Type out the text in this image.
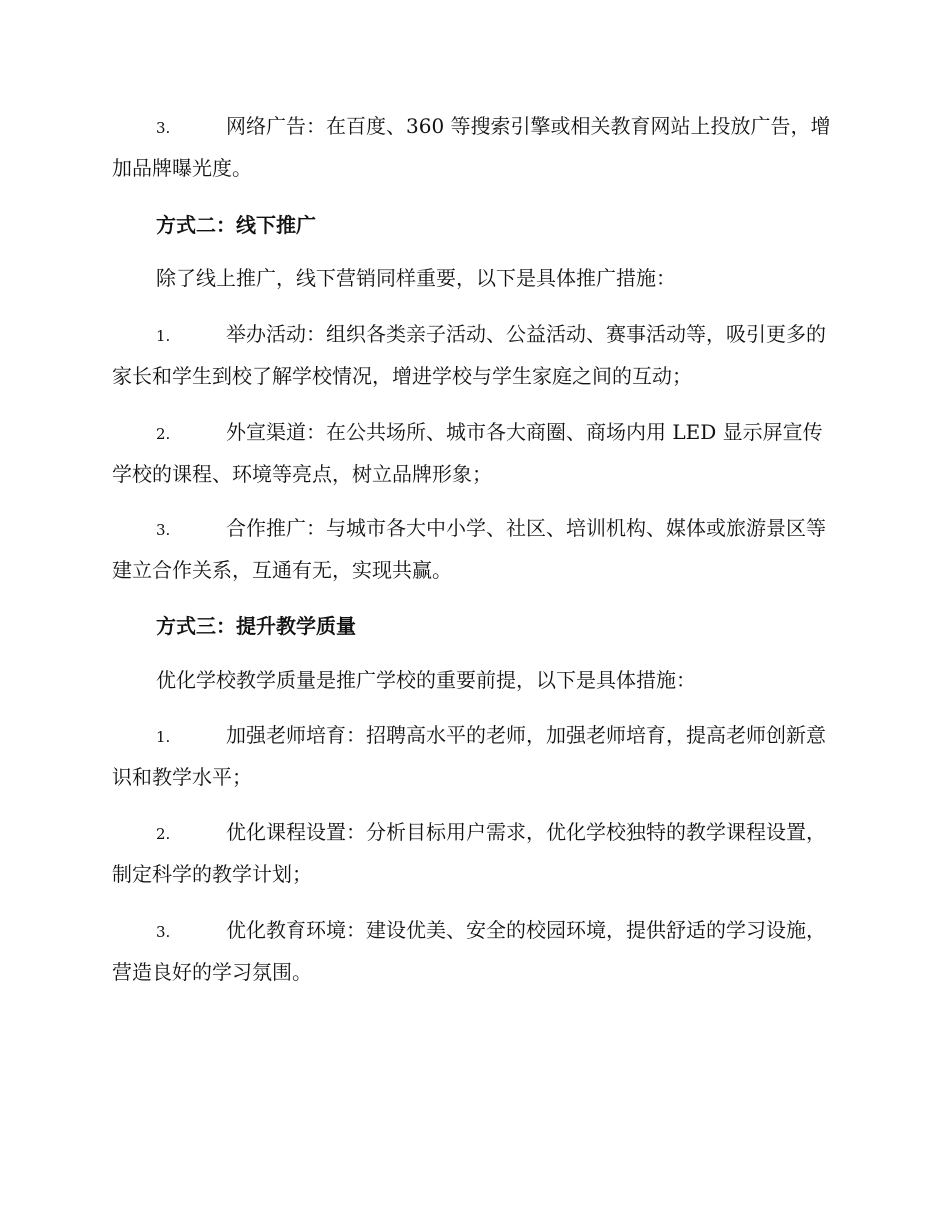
3.	网络广告：在百度、360 等搜索引擎或相关教育网站上投放广告，增加品牌曝光度。
方式二：线下推广
除了线上推广，线下营销同样重要，以下是具体推广措施：
1.	举办活动：组织各类亲子活动、公益活动、赛事活动等，吸引更多的家长和学生到校了解学校情况，增进学校与学生家庭之间的互动；
2.	外宣渠道：在公共场所、城市各大商圈、商场内用 LED 显示屏宣传学校的课程、环境等亮点，树立品牌形象；
3.	合作推广：与城市各大中小学、社区、培训机构、媒体或旅游景区等建立合作关系，互通有无，实现共赢。
方式三：提升教学质量
优化学校教学质量是推广学校的重要前提，以下是具体措施：
1.	加强老师培育：招聘高水平的老师，加强老师培育，提高老师创新意识和教学水平；
2.	优化课程设置：分析目标用户需求，优化学校独特的教学课程设置，制定科学的教学计划；
3.	优化教育环境：建设优美、安全的校园环境，提供舒适的学习设施，营造良好的学习氛围。
